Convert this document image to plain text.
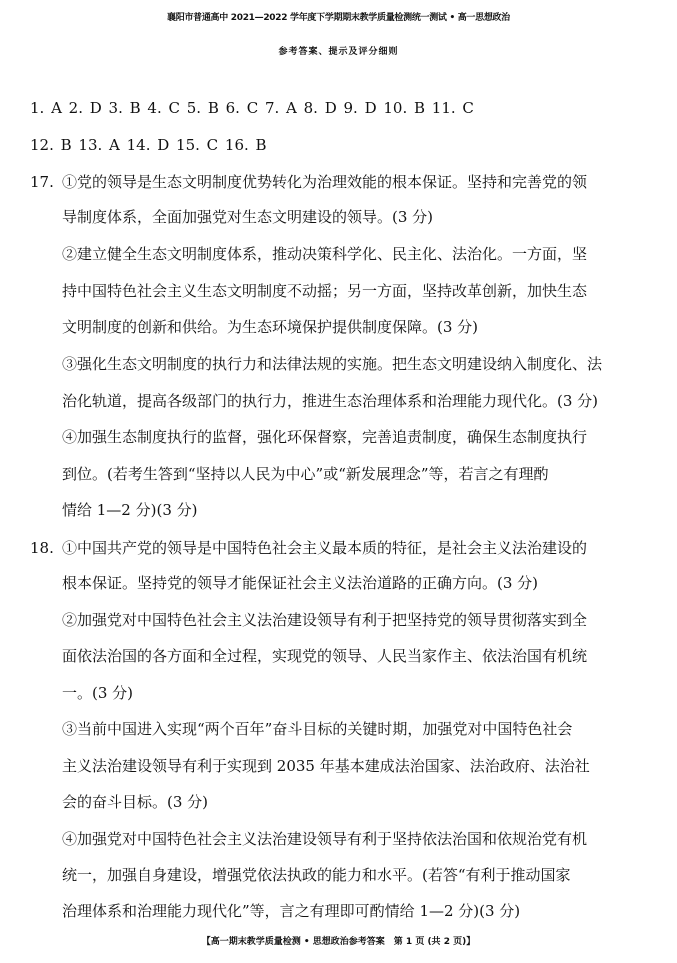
襄阳市普通高中 2021—2022 学年度下学期期末教学质量检测统一测试 • 高一思想政治
参考答案、提示及评分细则
1. A 2. D 3. B 4. C 5. B 6. C 7. A 8. D 9. D 10. B 11. C
12. B 13. A 14. D 15. C 16. B
17. ①党的领导是生态文明制度优势转化为治理效能的根本保证。坚持和完善党的领
导制度体系，全面加强党对生态文明建设的领导。(3 分)
②建立健全生态文明制度体系，推动决策科学化、民主化、法治化。一方面，坚
持中国特色社会主义生态文明制度不动摇；另一方面，坚持改革创新，加快生态
文明制度的创新和供给。为生态环境保护提供制度保障。(3 分)
③强化生态文明制度的执行力和法律法规的实施。把生态文明建设纳入制度化、法
治化轨道，提高各级部门的执行力，推进生态治理体系和治理能力现代化。(3 分)
④加强生态制度执行的监督，强化环保督察，完善追责制度，确保生态制度执行
到位。(若考生答到“坚持以人民为中心”或“新发展理念”等，若言之有理酌
情给 1—2 分)(3 分)
18. ①中国共产党的领导是中国特色社会主义最本质的特征，是社会主义法治建设的
根本保证。坚持党的领导才能保证社会主义法治道路的正确方向。(3 分)
②加强党对中国特色社会主义法治建设领导有利于把坚持党的领导贯彻落实到全
面依法治国的各方面和全过程，实现党的领导、人民当家作主、依法治国有机统
一。(3 分)
③当前中国进入实现“两个百年”奋斗目标的关键时期，加强党对中国特色社会
主义法治建设领导有利于实现到 2035 年基本建成法治国家、法治政府、法治社
会的奋斗目标。(3 分)
④加强党对中国特色社会主义法治建设领导有利于坚持依法治国和依规治党有机
统一，加强自身建设，增强党依法执政的能力和水平。(若答“有利于推动国家
治理体系和治理能力现代化”等，言之有理即可酌情给 1—2 分)(3 分)
【高一期末教学质量检测 • 思想政治参考答案　第 1 页 (共 2 页)】
